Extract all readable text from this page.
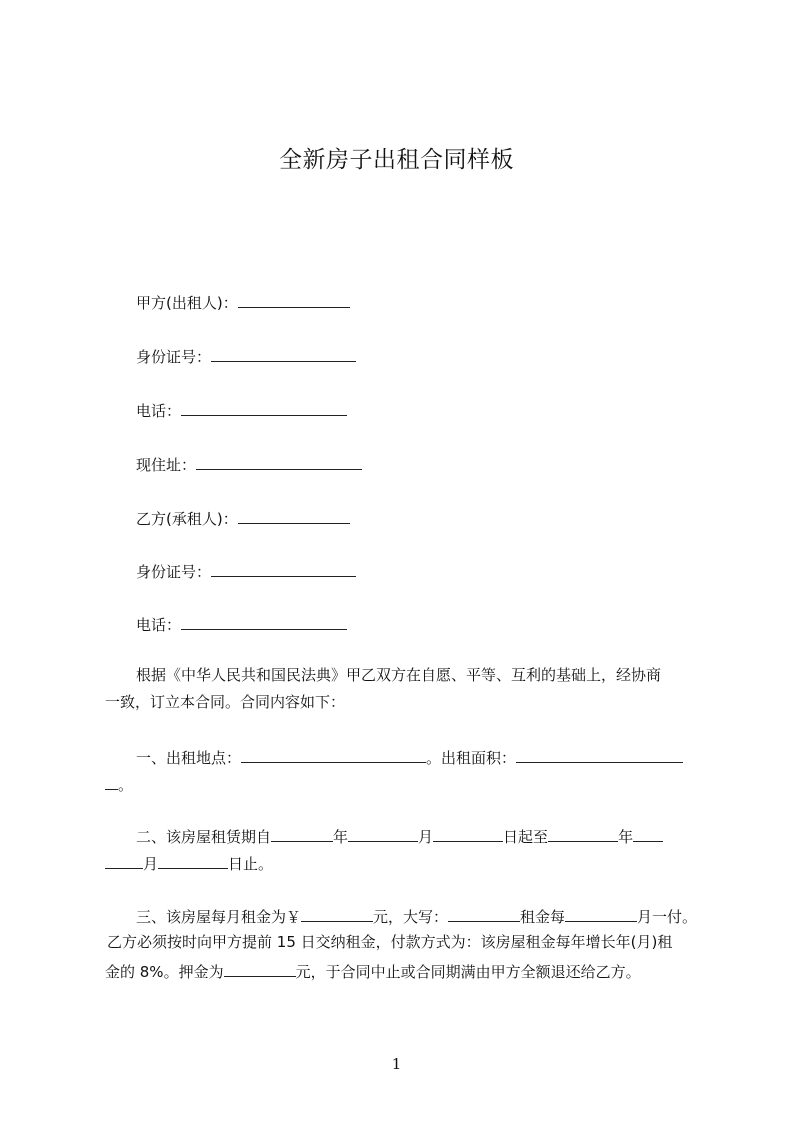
全新房子出租合同样板
甲方(出租人)：
身份证号：
电话：
现住址：
乙方(承租人)：
身份证号：
电话：
根据《中华人民共和国民法典》甲乙双方在自愿、平等、互利的基础上，经协商
一致，订立本合同。合同内容如下：
一、出租地点：	。出租面积：
。
二、该房屋租赁期自	年	月	日起至	年
月	日止。
三、该房屋每月租金为￥	元，大写：	租金每	月一付。
乙方必须按时向甲方提前 15 日交纳租金，付款方式为：该房屋租金每年增长年(月)租
金的 8%。押金为	元，于合同中止或合同期满由甲方全额退还给乙方。
1
